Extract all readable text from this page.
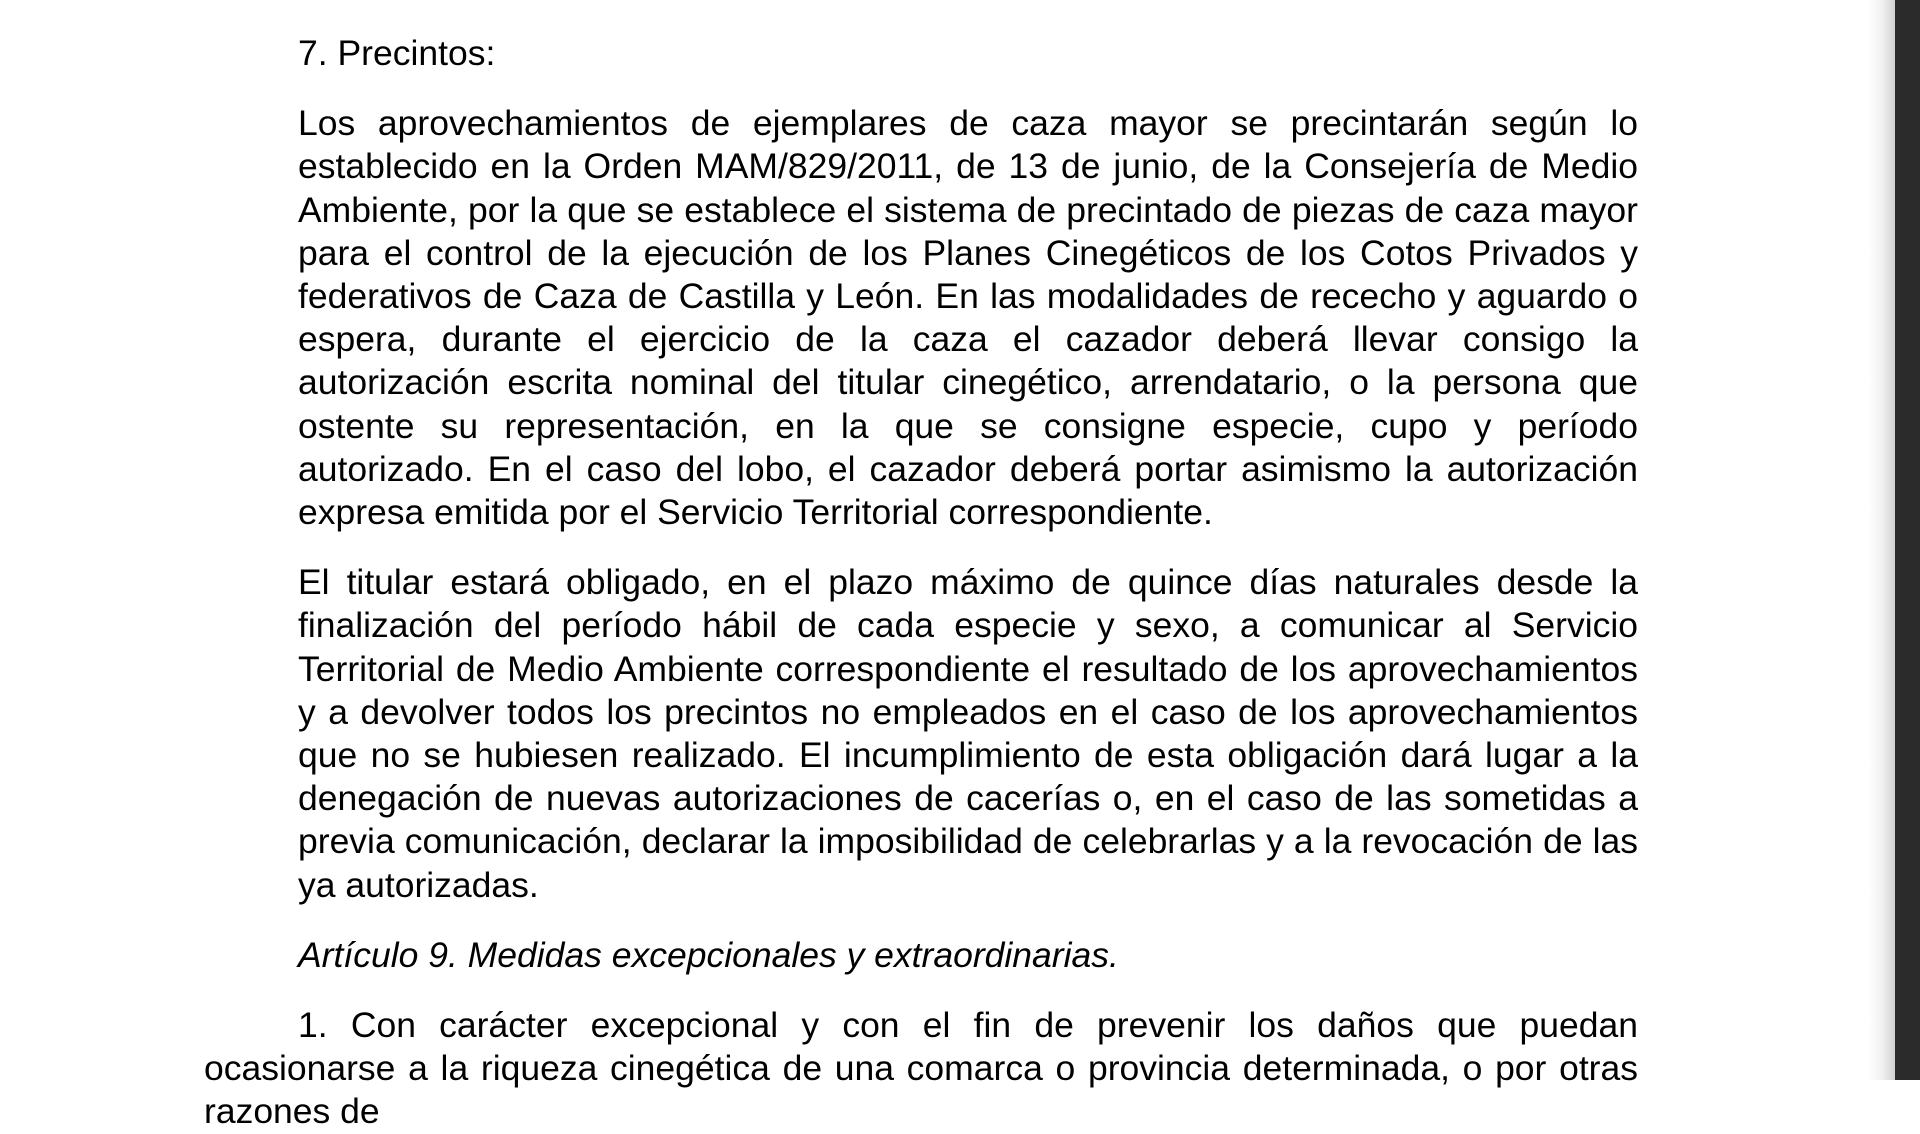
7. Precintos:
Los aprovechamientos de ejemplares de caza mayor se precintarán según lo establecido en la Orden MAM/829/2011, de 13 de junio, de la Consejería de Medio Ambiente, por la que se establece el sistema de precintado de piezas de caza mayor para el control de la ejecución de los Planes Cinegéticos de los Cotos Privados y federativos de Caza de Castilla y León. En las modalidades de rececho y aguardo o espera, durante el ejercicio de la caza el cazador deberá llevar consigo la autorización escrita nominal del titular cinegético, arrendatario, o la persona que ostente su representación, en la que se consigne especie, cupo y período autorizado. En el caso del lobo, el cazador deberá portar asimismo la autorización expresa emitida por el Servicio Territorial correspondiente.
El titular estará obligado, en el plazo máximo de quince días naturales desde la finalización del período hábil de cada especie y sexo, a comunicar al Servicio Territorial de Medio Ambiente correspondiente el resultado de los aprovechamientos y a devolver todos los precintos no empleados en el caso de los aprovechamientos que no se hubiesen realizado. El incumplimiento de esta obligación dará lugar a la denegación de nuevas autorizaciones de cacerías o, en el caso de las sometidas a previa comunicación, declarar la imposibilidad de celebrarlas y a la revocación de las ya autorizadas.
Artículo 9. Medidas excepcionales y extraordinarias.
1. Con carácter excepcional y con el fin de prevenir los daños que puedan ocasionarse a la riqueza cinegética de una comarca o provincia determinada, o por otras razones de
